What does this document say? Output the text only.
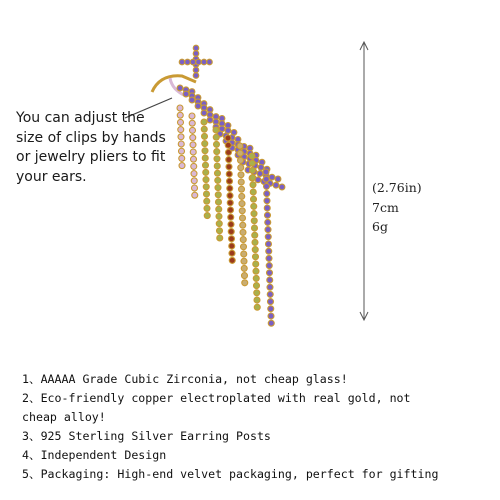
You can adjust the
size of clips by hands
or jewelry pliers to fit
your ears.
(2.76in)
7cm
6g
1、AAAAA Grade Cubic Zirconia, not cheap glass!
2、Eco-friendly copper electroplated with real gold, not
cheap alloy!
3、925 Sterling Silver Earring Posts
4、Independent Design
5、Packaging: High-end velvet packaging, perfect for gifting
